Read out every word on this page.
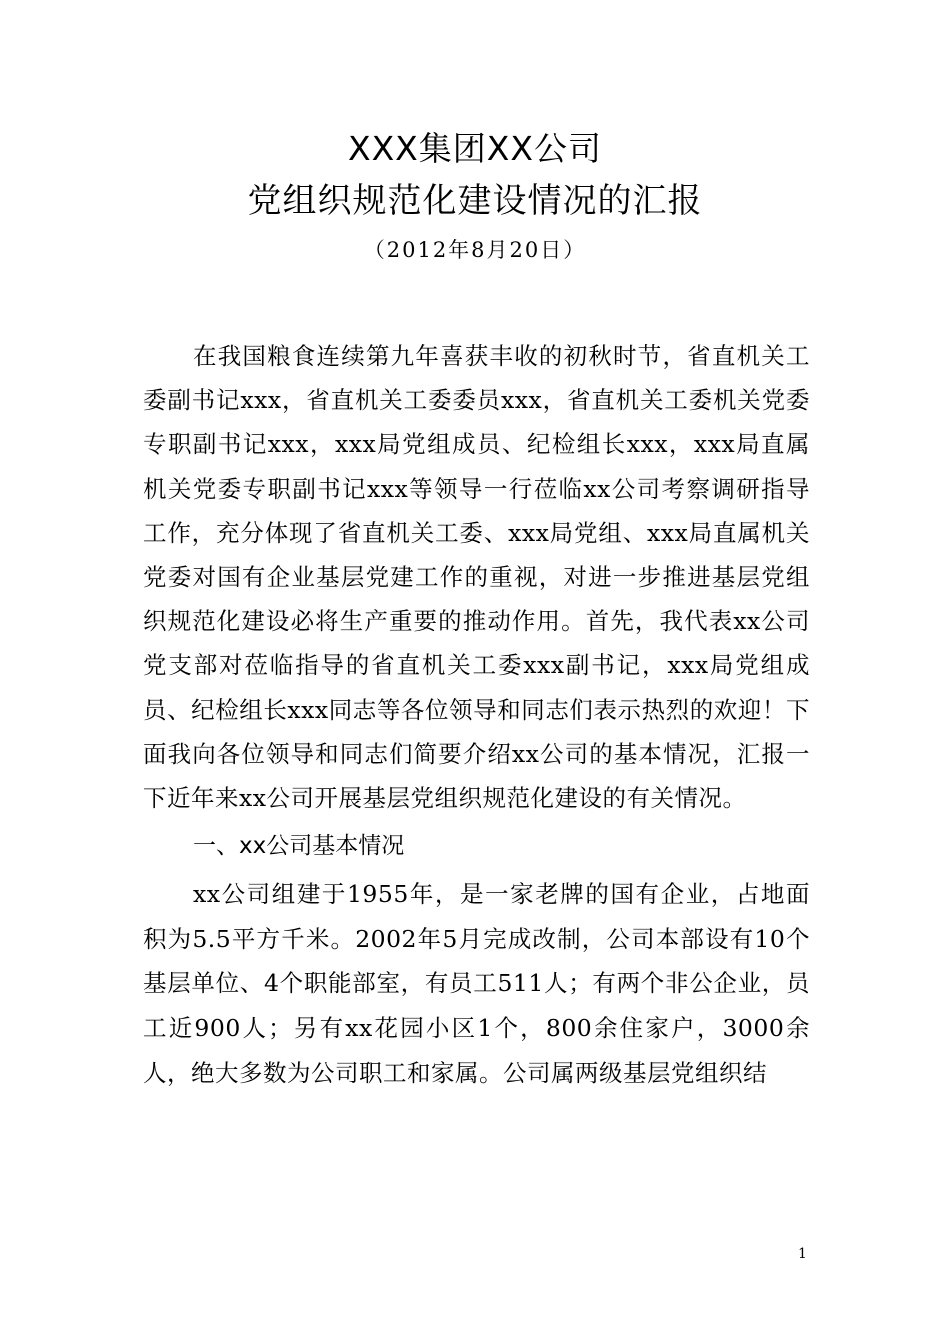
XXX集团XX公司
党组织规范化建设情况的汇报
（2012年8月20日）

在我国粮食连续第九年喜获丰收的初秋时节，省直机关工委副书记xxx，省直机关工委委员xxx，省直机关工委机关党委专职副书记xxx，xxx局党组成员、纪检组长xxx，xxx局直属机关党委专职副书记xxx等领导一行莅临xx公司考察调研指导工作，充分体现了省直机关工委、xxx局党组、xxx局直属机关党委对国有企业基层党建工作的重视，对进一步推进基层党组织规范化建设必将生产重要的推动作用。首先，我代表xx公司党支部对莅临指导的省直机关工委xxx副书记，xxx局党组成员、纪检组长xxx同志等各位领导和同志们表示热烈的欢迎！下面我向各位领导和同志们简要介绍xx公司的基本情况，汇报一下近年来xx公司开展基层党组织规范化建设的有关情况。

一、xx公司基本情况

xx公司组建于1955年，是一家老牌的国有企业，占地面积为5.5平方千米。2002年5月完成改制，公司本部设有10个基层单位、4个职能部室，有员工511人；有两个非公企业，员工近900人；另有xx花园小区1个，800余住家户，3000余人，绝大多数为公司职工和家属。公司属两级基层党组织结

1
